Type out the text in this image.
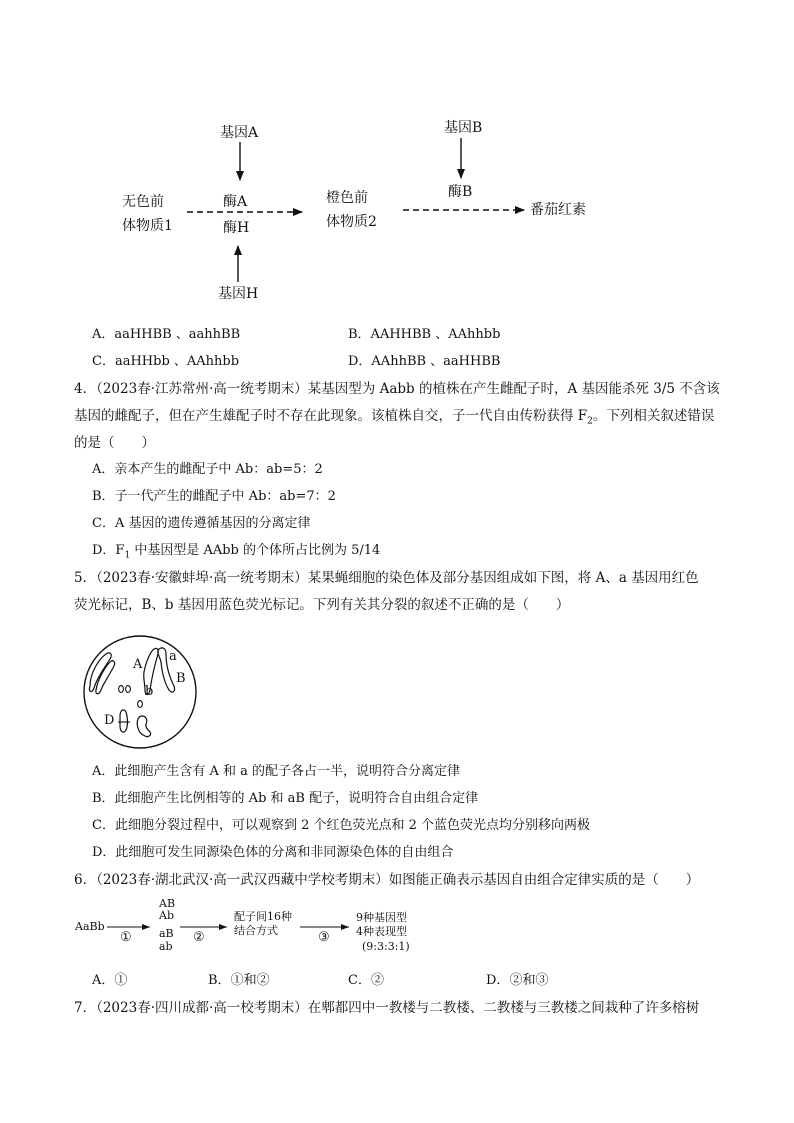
基因A	基因B
基因H
无色前
体物质1
酶A
酶H
橙色前
体物质2
酶B
番茄红素
A．aaHHBB 、aahhBB	B．AAHHBB 、AAhhbb
C．aaHHbb 、AAhhbb	D．AAhhBB 、aaHHBB
4．（2023春·江苏常州·高一统考期末）某基因型为 Aabb 的植株在产生雌配子时，A 基因能杀死 3/5 不含该
基因的雌配子，但在产生雄配子时不存在此现象。该植株自交，子一代自由传粉获得 $F_2$。下列相关叙述错误
的是（　　）
A．亲本产生的雌配子中 Ab：ab=5：2
B．子一代产生的雌配子中 Ab：ab=7：2
C．A 基因的遗传遵循基因的分离定律
D．$F_1$ 中基因型是 AAbb 的个体所占比例为 5/14
5．（2023春·安徽蚌埠·高一统考期末）某果蝇细胞的染色体及部分基因组成如下图，将 A、a 基因用红色
荧光标记，B、b 基因用蓝色荧光标记。下列有关其分裂的叙述不正确的是（　　）
A
a
B
b
D
A．此细胞产生含有 A 和 a 的配子各占一半，说明符合分离定律
B．此细胞产生比例相等的 Ab 和 aB 配子，说明符合自由组合定律
C．此细胞分裂过程中，可以观察到 2 个红色荧光点和 2 个蓝色荧光点均分别移向两极
D．此细胞可发生同源染色体的分离和非同源染色体的自由组合
6．（2023春·湖北武汉·高一武汉西藏中学校考期末）如图能正确表示基因自由组合定律实质的是（　　）
AaBb
AB
Ab
aB
ab
①	②	③
配子间16种
结合方式
9种基因型
4种表现型
(9:3:3:1)
A．①	B．①和②	C．②	D．②和③
7．（2023春·四川成都·高一校考期末）在郫都四中一教楼与二教楼、二教楼与三教楼之间栽种了许多榕树
